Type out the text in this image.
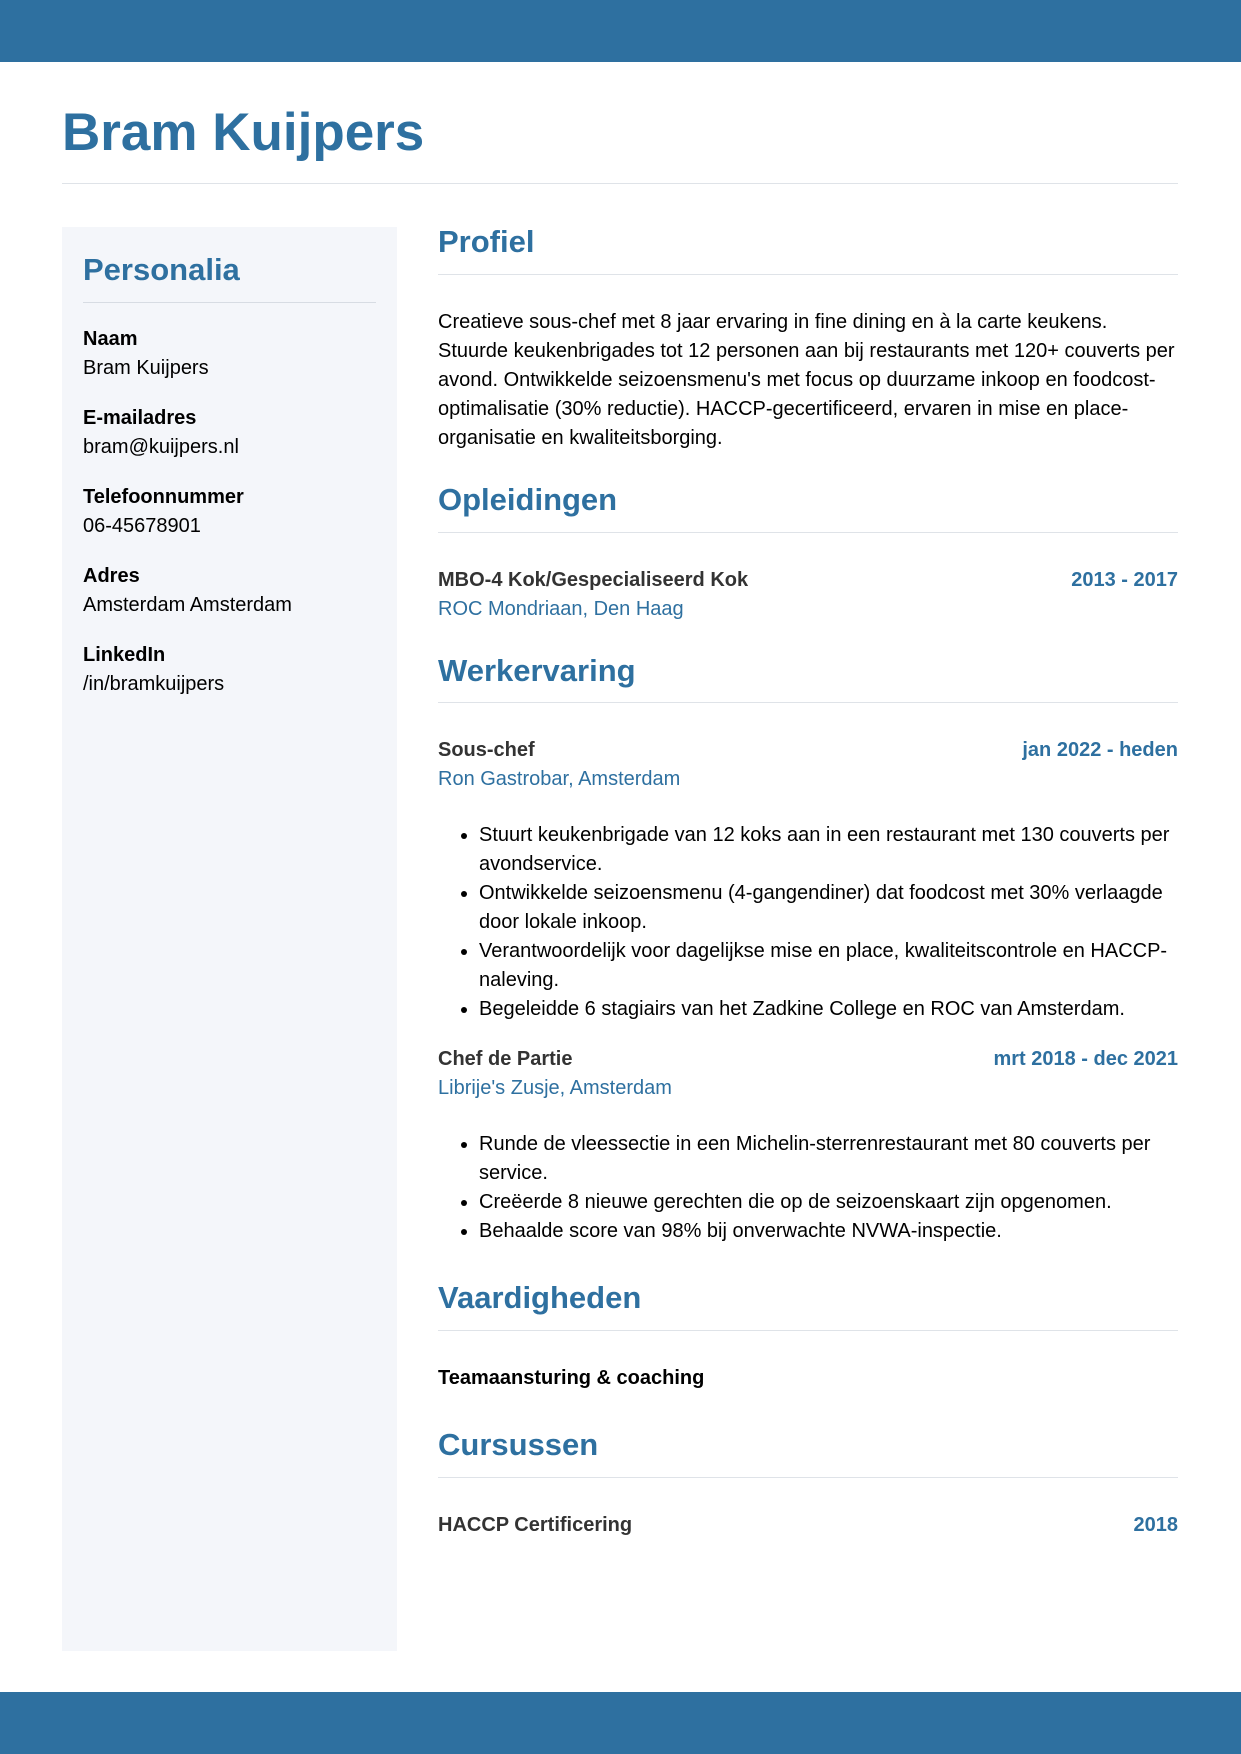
Bram Kuijpers
Personalia
Naam
Bram Kuijpers
E-mailadres
bram@kuijpers.nl
Telefoonnummer
06-45678901
Adres
Amsterdam Amsterdam
LinkedIn
/in/bramkuijpers
Profiel

Creatieve sous-chef met 8 jaar ervaring in fine dining en à la carte keukens. Stuurde keukenbrigades tot 12 personen aan bij restaurants met 120+ couverts per avond. Ontwikkelde seizoensmenu's met focus op duurzame inkoop en foodcost-optimalisatie (30% reductie). HACCP-gecertificeerd, ervaren in mise en place-organisatie en kwaliteitsborging.

Opleidingen
MBO-4 Kok/Gespecialiseerd Kok	2013 - 2017
ROC Mondriaan, Den Haag
Werkervaring
Sous-chef	jan 2022 - heden
Ron Gastrobar, Amsterdam
• Stuurt keukenbrigade van 12 koks aan in een restaurant met 130 couverts per avondservice.
• Ontwikkelde seizoensmenu (4-gangendiner) dat foodcost met 30% verlaagde door lokale inkoop.
• Verantwoordelijk voor dagelijkse mise en place, kwaliteitscontrole en HACCP-naleving.
• Begeleidde 6 stagiairs van het Zadkine College en ROC van Amsterdam.
Chef de Partie	mrt 2018 - dec 2021
Librije's Zusje, Amsterdam
• Runde de vleessectie in een Michelin-sterrenrestaurant met 80 couverts per service.
• Creëerde 8 nieuwe gerechten die op de seizoenskaart zijn opgenomen.
• Behaalde score van 98% bij onverwachte NVWA-inspectie.
Vaardigheden
Teamaansturing & coaching
Cursussen
HACCP Certificering	2018
